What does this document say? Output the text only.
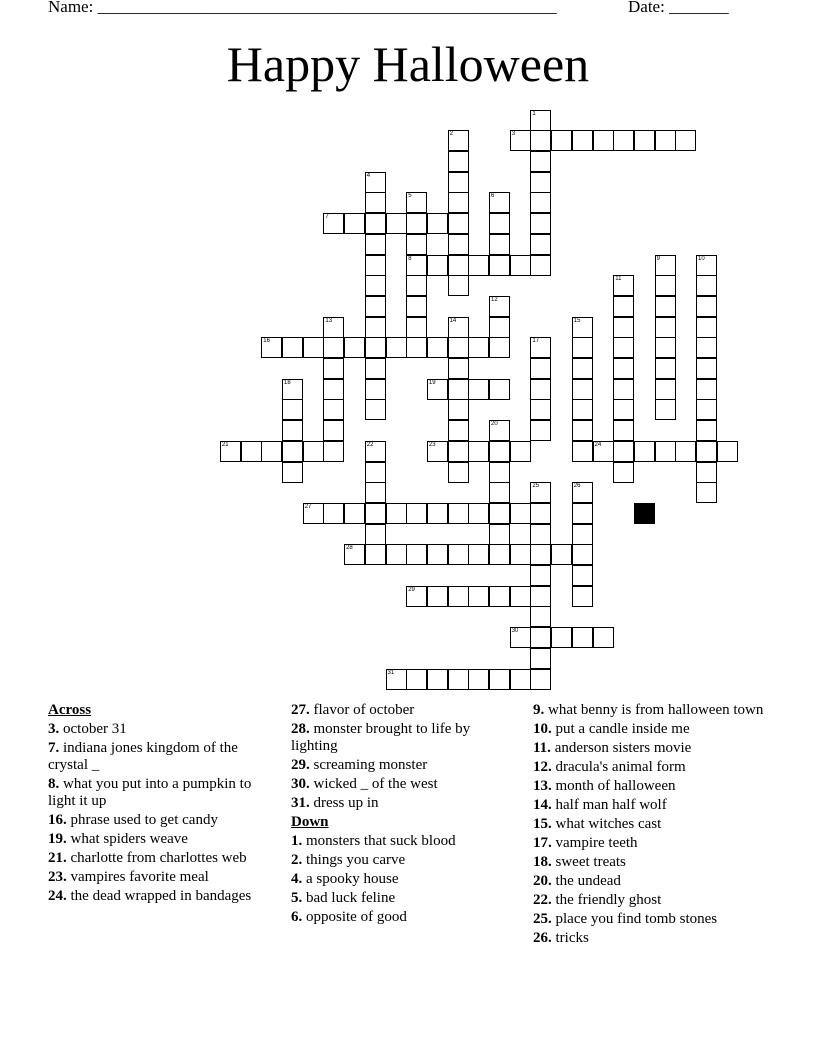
Name: ______________________________________________________	Date: _______
Happy Halloween
1
2	3
4
5
8
6
7
9	10
11
12
13	14	15
16	17
18	19
20
21	22	23	24
25	26
27
28
29
30
31
Across
3. october 31
7. indiana jones kingdom of the crystal _
8. what you put into a pumpkin to light it up
16. phrase used to get candy
19. what spiders weave
21. charlotte from charlottes web
23. vampires favorite meal
24. the dead wrapped in bandages
27. flavor of october
28. monster brought to life by lighting
29. screaming monster
30. wicked _ of the west
31. dress up in
Down
1. monsters that suck blood
2. things you carve
4. a spooky house
5. bad luck feline
6. opposite of good
9. what benny is from halloween town
10. put a candle inside me
11. anderson sisters movie
12. dracula's animal form
13. month of halloween
14. half man half wolf
15. what witches cast
17. vampire teeth
18. sweet treats
20. the undead
22. the friendly ghost
25. place you find tomb stones
26. tricks
